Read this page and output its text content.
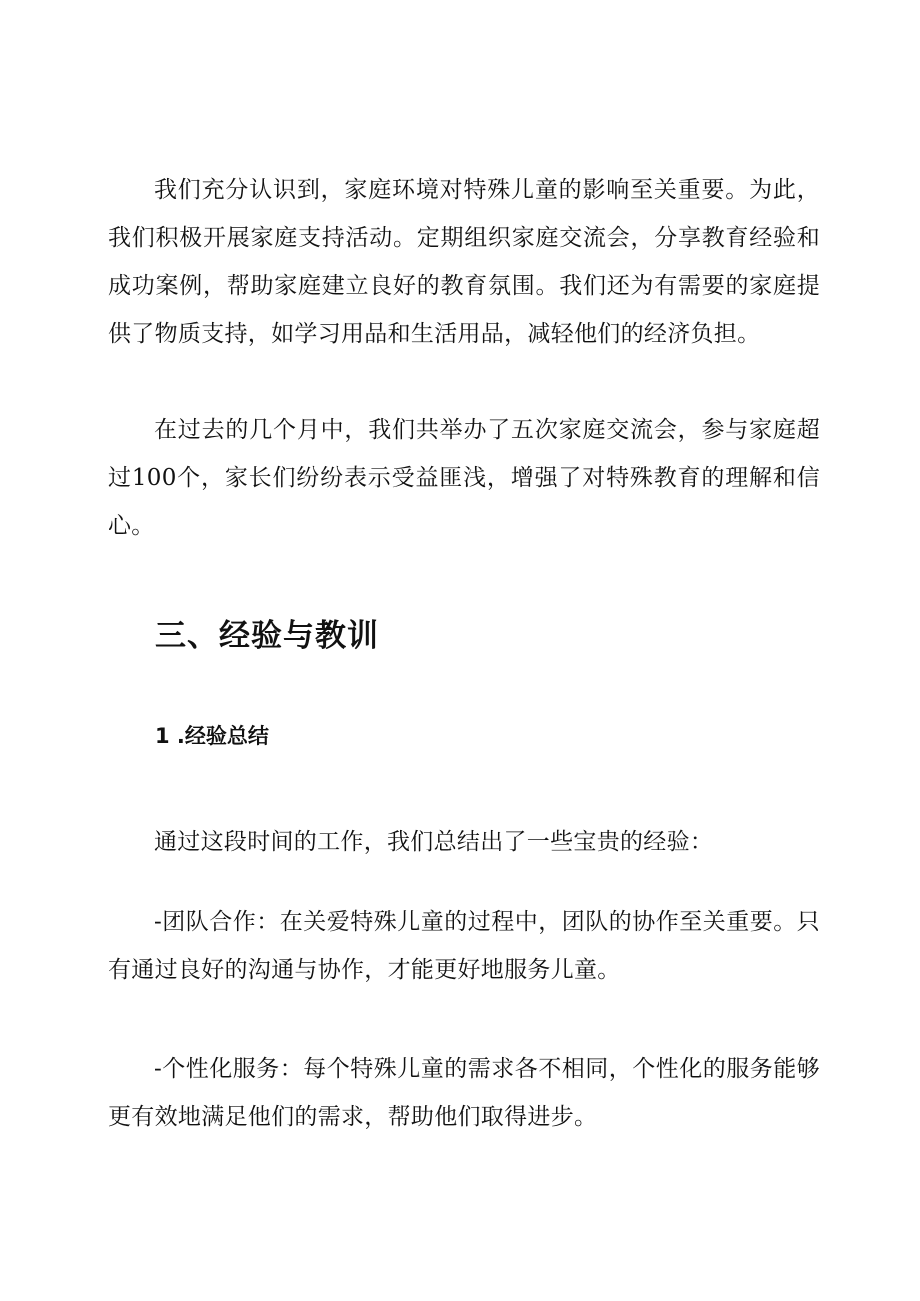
我们充分认识到，家庭环境对特殊儿童的影响至关重要。为此，我们积极开展家庭支持活动。定期组织家庭交流会，分享教育经验和成功案例，帮助家庭建立良好的教育氛围。我们还为有需要的家庭提供了物质支持，如学习用品和生活用品，减轻他们的经济负担。

在过去的几个月中，我们共举办了五次家庭交流会，参与家庭超过100个，家长们纷纷表示受益匪浅，增强了对特殊教育的理解和信心。

三、经验与教训
1 .经验总结

通过这段时间的工作，我们总结出了一些宝贵的经验：

-团队合作：在关爱特殊儿童的过程中，团队的协作至关重要。只有通过良好的沟通与协作，才能更好地服务儿童。

-个性化服务：每个特殊儿童的需求各不相同，个性化的服务能够更有效地满足他们的需求，帮助他们取得进步。
